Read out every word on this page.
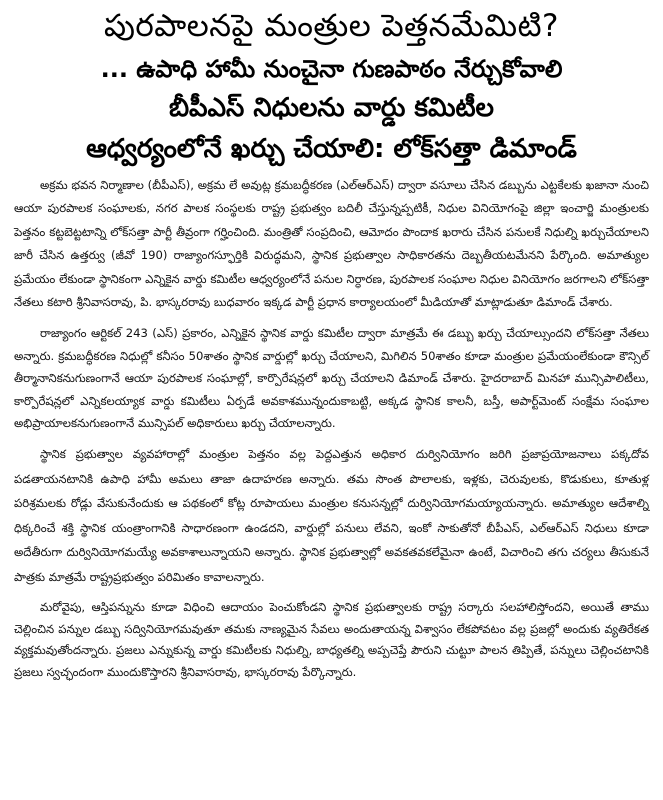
పురపాలనపై మంత్రుల పెత్తనమేమిటి?
... ఉపాధి హామీ నుంచైనా గుణపాఠం నేర్చుకోవాలి
బీపీఎస్ నిధులను వార్డు కమిటీల
ఆధ్వర్యంలోనే ఖర్చు చేయాలి: లోక్‌సత్తా డిమాండ్

అక్రమ భవన నిర్మాణాల (బీపీఎస్), అక్రమ లే అవుట్ల క్రమబద్ధీకరణ (ఎల్‌ఆర్‌ఎస్) ద్వారా వసూలు చేసిన డబ్బును ఎట్టకేలకు ఖజానా నుంచి ఆయా పురపాలక సంఘాలకు, నగర పాలక సంస్థలకు రాష్ట్ర ప్రభుత్వం బదిలీ చేస్తున్నప్పటికీ, నిధుల వినియోగంపై జిల్లా ఇంచార్జి మంత్రులకు పెత్తనం కట్టబెట్టటాన్ని లోక్‌సత్తా పార్టీ తీవ్రంగా గర్హించింది. మంత్రితో సంప్రదించి, ఆమోదం పొందాక ఖరారు చేసిన పనులకే నిధుల్ని ఖర్చుచేయాలని జారీ చేసిన ఉత్తర్వు (జీవో 190) రాజ్యాంగస్ఫూర్తికి విరుద్ధమని, స్థానిక ప్రభుత్వాల సాధికారతను దెబ్బతీయటమేనని పేర్కొంది. అమాత్యుల ప్రమేయం లేకుండా స్థానికంగా ఎన్నికైన వార్డు కమిటీల ఆధ్వర్యంలోనే పనుల నిర్ధారణ, పురపాలక సంఘాల నిధుల వినియోగం జరగాలని లోక్‌సత్తా నేతలు కటారి శ్రీనివాసరావు, పి. భాస్కరరావు బుధవారం ఇక్కడ పార్టీ ప్రధాన కార్యాలయంలో మీడియాతో మాట్లాడుతూ డిమాండ్ చేశారు.

రాజ్యాంగం ఆర్టికల్ 243 (ఎస్) ప్రకారం, ఎన్నికైన స్థానిక వార్డు కమిటీల ద్వారా మాత్రమే ఈ డబ్బు ఖర్చు చేయాల్సుందని లోక్‌సత్తా నేతలు అన్నారు. క్రమబద్ధీకరణ నిధుల్లో కనీసం 50శాతం స్థానిక వార్డుల్లో ఖర్చు చేయాలని, మిగిలిన 50శాతం కూడా మంత్రుల ప్రమేయంలేకుండా కౌన్సిల్ తీర్మానానికనుగుణంగానే ఆయా పురపాలక సంఘాల్లో, కార్పొరేషన్లలో ఖర్చు చేయాలని డిమాండ్ చేశారు. హైదరాబాద్ మినహా మున్సిపాలిటీలు, కార్పొరేషన్లలో ఎన్నికలయ్యాక వార్డు కమిటీలు ఏర్పడే అవకాశమున్నందుకాబట్టి, అక్కడ స్థానిక కాలనీ, బస్తీ, అపార్ట్‌మెంట్ సంక్షేమ సంఘాల అభిప్రాయాలకనుగుణంగానే మున్సిపల్ అధికారులు ఖర్చు చేయాలన్నారు.

స్థానిక ప్రభుత్వాల వ్యవహారాల్లో మంత్రుల పెత్తనం వల్ల పెద్దఎత్తున అధికార దుర్వినియోగం జరిగి ప్రజాప్రయోజనాలు పక్కదోవ పడతాయనటానికి ఉపాధి హామీ అమలు తాజా ఉదాహరణ అన్నారు. తమ సొంత పొలాలకు, ఇళ్లకు, చెరువులకు, కొడుకులు, కూతుళ్ల పరిశ్రమలకు రోడ్లు వేసుకునేందుకు ఆ పథకంలో కోట్ల రూపాయలు మంత్రుల కనుసన్నల్లో దుర్వినియోగమయ్యాయన్నారు. అమాత్యుల ఆదేశాల్ని ధిక్కరించే శక్తి స్థానిక యంత్రాంగానికి సాధారణంగా ఉండదని, వార్డుల్లో పనులు లేవని, ఇంకో సాకుతోనో బీపీఎస్, ఎల్‌ఆర్‌ఎస్ నిధులు కూడా అదేతీరుగా దుర్వినియోగమయ్యే అవకాశాలున్నాయని అన్నారు. స్థానిక ప్రభుత్వాల్లో అవకతవకలేమైనా ఉంటే, విచారించి తగు చర్యలు తీసుకునే పాత్రకు మాత్రమే రాష్ట్రప్రభుత్వం పరిమితం కావాలన్నారు.

మరోవైపు, ఆస్తిపన్నును కూడా విధించి ఆదాయం పెంచుకోండని స్థానిక ప్రభుత్వాలకు రాష్ట్ర సర్కారు సలహాలిస్తోందని, అయితే తాము చెల్లించిన పన్నుల డబ్బు సద్వినియోగమవుతూ తమకు నాణ్యమైన సేవలు అందుతాయన్న విశ్వాసం లేకపోవటం వల్ల ప్రజల్లో అందుకు వ్యతిరేకత వ్యక్తమవుతోందన్నారు. ప్రజలు ఎన్నుకున్న వార్డు కమిటీలకు నిధుల్ని, బాధ్యతల్ని అప్పచెప్తే పౌరుని చుట్టూ పాలన తిప్పితే, పన్నులు చెల్లించటానికి ప్రజలు స్వచ్ఛందంగా ముందుకొస్తారని శ్రీనివాసరావు, భాస్కరరావు పేర్కొన్నారు.
